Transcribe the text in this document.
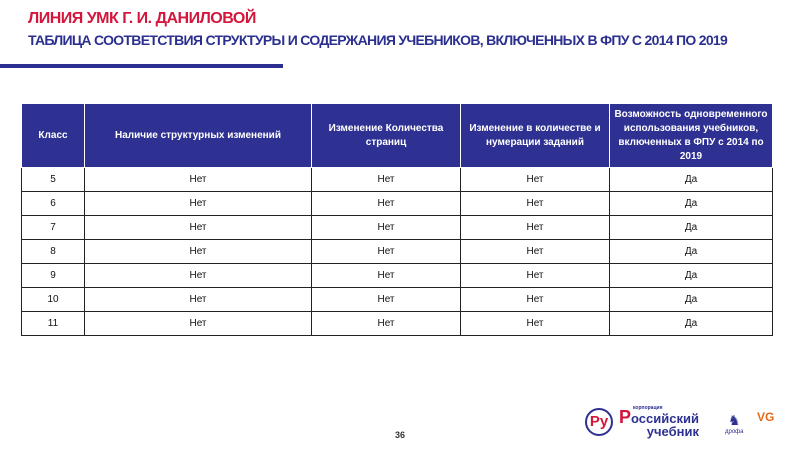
ЛИНИЯ УМК Г. И. ДАНИЛОВОЙ
ТАБЛИЦА СООТВЕТСТВИЯ СТРУКТУРЫ И СОДЕРЖАНИЯ УЧЕБНИКОВ, ВКЛЮЧЕННЫХ В ФПУ С 2014 ПО 2019
Класс	Наличие структурных изменений	Изменение Количества страниц	Изменение в количестве и нумерации заданий	Возможность одновременного использования учебников, включенных в ФПУ с 2014 по 2019
5	Нет	Нет	Нет	Да
6	Нет	Нет	Нет	Да
7	Нет	Нет	Нет	Да
8	Нет	Нет	Нет	Да
9	Нет	Нет	Нет	Да
10	Нет	Нет	Нет	Да
11	Нет	Нет	Нет	Да
36
Ру
корпорация
Российский
учебник
♞
дрофа
VG
